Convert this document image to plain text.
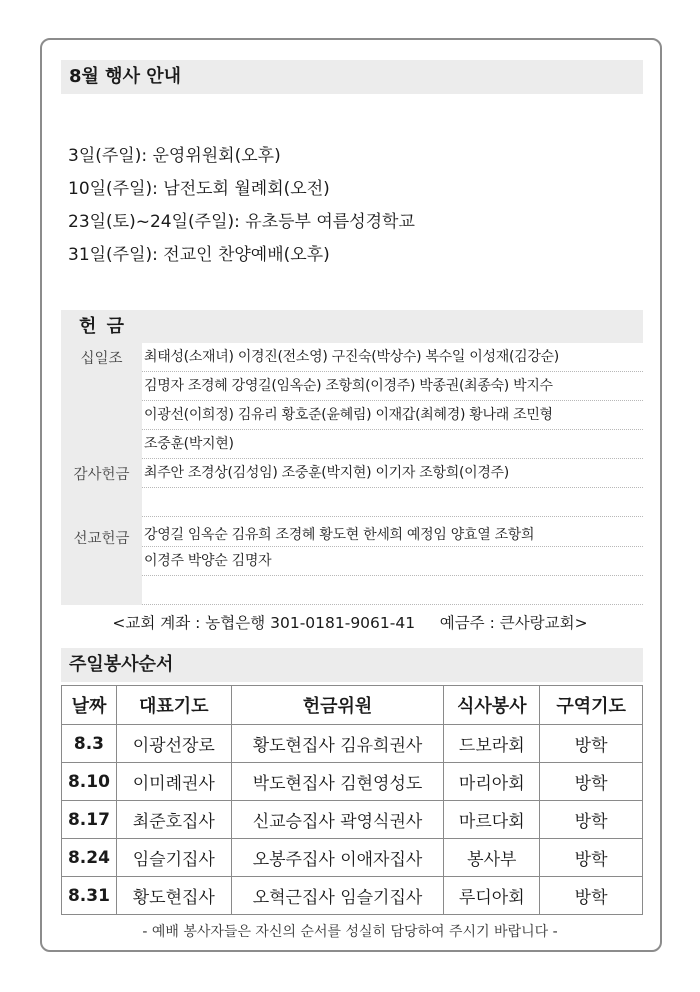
8월 행사 안내
3일(주일): 운영위원회(오후)
10일(주일): 남전도회 월례회(오전)
23일(토)~24일(주일): 유초등부 여름성경학교
31일(주일): 전교인 찬양예배(오후)
헌 금
십일조	최태성(소재녀) 이경진(전소영) 구진숙(박상수) 복수일 이성재(김강순)
김명자 조경혜 강영길(임옥순) 조항희(이경주) 박종권(최종숙) 박지수
이광선(이희정) 김유리 황호준(윤혜림) 이재갑(최혜경) 황나래 조민형
조중훈(박지현)
감사헌금	최주안 조경상(김성임) 조중훈(박지현) 이기자 조항희(이경주)
선교헌금	강영길 임옥순 김유희 조경혜 황도현 한세희 예정임 양효열 조항희
이경주 박양순 김명자
<교회 계좌 : 농협은행 301-0181-9061-41     예금주 : 큰사랑교회>
주일봉사순서
날짜	대표기도	헌금위원	식사봉사	구역기도
8.3	이광선장로	황도현집사 김유희권사	드보라회	방학
8.10	이미례권사	박도현집사 김현영성도	마리아회	방학
8.17	최준호집사	신교승집사 곽영식권사	마르다회	방학
8.24	임슬기집사	오봉주집사 이애자집사	봉사부	방학
8.31	황도현집사	오혁근집사 임슬기집사	루디아회	방학
- 예배 봉사자들은 자신의 순서를 성실히 담당하여 주시기 바랍니다 -
